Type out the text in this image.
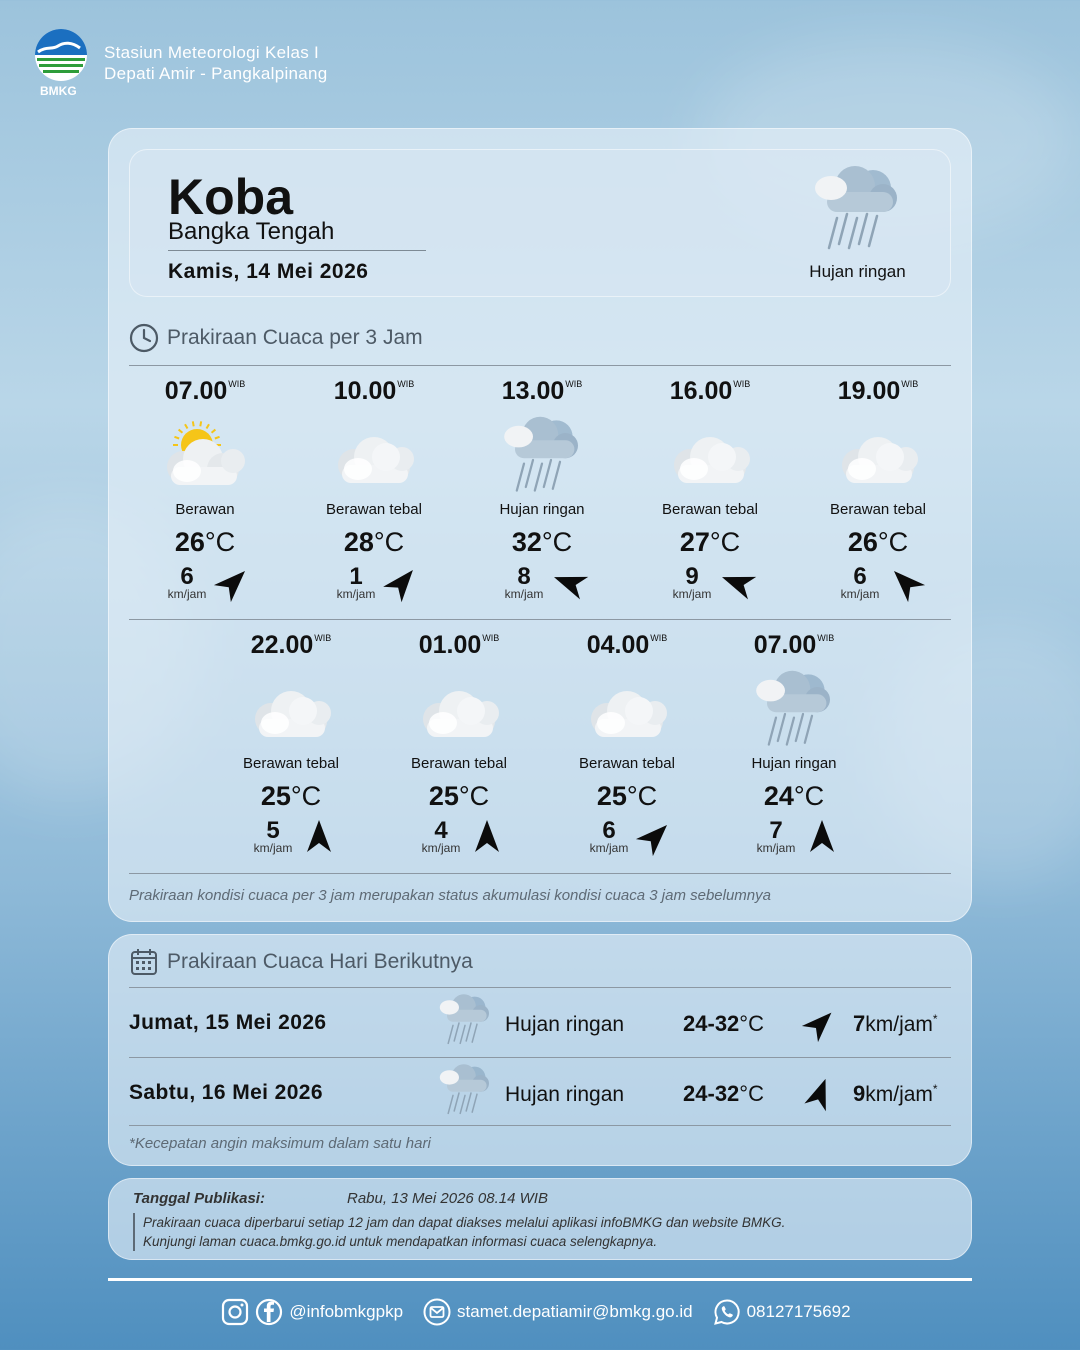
BMKG
Stasiun Meteorologi Kelas I
Depati Amir - Pangkalpinang
Koba
Bangka Tengah
Kamis, 14 Mei 2026	Hujan ringan
Prakiraan Cuaca per 3 Jam
$07.00^{WIB}$
Berawan
26°C
6
km/jam
$10.00^{WIB}$
Berawan tebal
28°C
1
km/jam
$13.00^{WIB}$
Hujan ringan
32°C
8
km/jam
$16.00^{WIB}$
Berawan tebal
27°C
9
km/jam
$19.00^{WIB}$
Berawan tebal
26°C
6
km/jam
$22.00^{WIB}$
Berawan tebal
25°C
5
km/jam
$01.00^{WIB}$
Berawan tebal
25°C
4
km/jam
$04.00^{WIB}$
Berawan tebal
25°C
6
km/jam
$07.00^{WIB}$
Hujan ringan
24°C
7
km/jam
Prakiraan kondisi cuaca per 3 jam merupakan status akumulasi kondisi cuaca 3 jam sebelumnya
Prakiraan Cuaca Hari Berikutnya
Jumat, 15 Mei 2026	Hujan ringan	24-32°C	7km/jam*
Sabtu, 16 Mei 2026	Hujan ringan	24-32°C	9km/jam*
*Kecepatan angin maksimum dalam satu hari
Tanggal Publikasi:	Rabu, 13 Mei 2026 08.14 WIB
Prakiraan cuaca diperbarui setiap 12 jam dan dapat diakses melalui aplikasi infoBMKG dan website BMKG.
Kunjungi laman cuaca.bmkg.go.id untuk mendapatkan informasi cuaca selengkapnya.
@infobmkgpkp	stamet.depatiamir@bmkg.go.id	08127175692
